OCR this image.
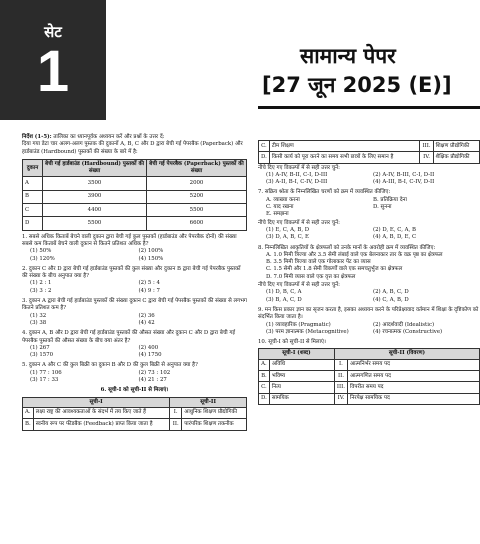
सेट
1	सामान्य पेपर
[27 जून 2025 (E)]
निर्देश (1-5): तालिका का ध्यानपूर्वक अध्ययन करें और प्रश्नों के उत्तर दें:
दिया गया डेटा चार अलग-अलग पुस्तक की दुकानों A, B, C और D द्वारा बेची गई पेपरबैक (Paperback) और हार्डबाउंड (Hardbound) पुस्तकों की संख्या के बारे में है:
दुकान	बेची गई हार्डबाउंड (Hardbound) पुस्तकों की संख्या	बेची गई पेपरबैक (Paperback) पुस्तकों की संख्या
A	3500	2000
B	3900	5200
C	4400	5500
D	5500	6600
1. सबसे अधिक किताबें बेचने वाली दुकान द्वारा बेची गई कुल पुस्तकों (हार्डबाउंड और पेपरबैक दोनों) की संख्या सबसे कम किताबें बेचने वाली दुकान से कितने प्रतिशत अधिक है?
(1) 50%	(2) 100%
(3) 120%	(4) 150%
2. दुकान C और D द्वारा बेची गई हार्डबाउंड पुस्तकों की कुल संख्या और दुकान B द्वारा बेची गई पेपरबैक पुस्तकों की संख्या के बीच अनुपात क्या है?
(1) 2 : 1	(2) 5 : 4
(3) 3 : 2	(4) 9 : 7
3. दुकान A द्वारा बेची गई हार्डबाउंड पुस्तकों की संख्या दुकान C द्वारा बेची गई पेपरबैक पुस्तकों की संख्या से लगभग कितने प्रतिशत कम है?
(1) 32	(2) 36
(3) 38	(4) 42
4. दुकान A, B और D द्वारा बेची गई हार्डबाउंड पुस्तकों की औसत संख्या और दुकान C और D द्वारा बेची गई पेपरबैक पुस्तकों की औसत संख्या के बीच क्या अंतर है?
(1) 267	(2) 400
(3) 1570	(4) 1750
5. दुकान A और C की कुल बिक्री का दुकान B और D की कुल बिक्री से अनुपात क्या है?
(1) 77 : 106	(2) 73 : 102
(3) 17 : 33	(4) 21 : 27
6. सूची-I को सूची-II से मिलाएं।
सूची-I		सूची-II	
A.	लक्ष्य राष्ट्र की आवश्यकताओं के संदर्भ में तय किए जाते हैं	I.	आधुनिक शिक्षण प्रौद्योगिकी
B.	स्वनीय रूप पर फीडबैक (Feedback) प्राप्त किया जाता है	II.	पारंपरिक शिक्षण तकनीक
C.	टीम शिक्षण	III.	शिक्षण प्रौद्योगिकी
D.	किसी कार्य को पूरा करने का समय सभी छात्रों के लिए समान है	IV.	शैक्षिक प्रौद्योगिकी
नीचे दिए गए विकल्पों में से सही उत्तर चुनें:
(1) A-IV, B-II, C-I, D-III	(2) A-IV, B-III, C-I, D-II
(3) A-II, B-I, C-IV, D-III	(4) A-III, B-I, C-IV, D-II
7. सक्रिय श्रोता के निम्नलिखित चरणों को क्रम में व्यवस्थित कीजिए:
A. व्याख्या करना	B. प्रतिक्रिया देना
C. याद रखना	D. सुनना
E. समझना
नीचे दिए गए विकल्पों में से सही उत्तर चुनें:
(1) E, C, A, B, D	(2) D, E, C, A, B
(3) D, A, B, C, E	(4) A, B, D, E, C
8. निम्नलिखित आकृतियों के क्षेत्रफलों को उनके मानों के अवरोही क्रम में व्यवस्थित कीजिए:
A. 1.0 मिमी त्रिज्या और 3.5 सेमी लंबाई वाले एक बेलनाकार तार के वक्र पृष्ठ का क्षेत्रफल
B. 3.5 मिमी त्रिज्या वाले एक गोलाकार पेंट का व्यास
C. 1.5 सेमी और 1.8 सेमी विकर्णों वाले एक समचतुर्भुज का क्षेत्रफल
D. 7.0 मिमी व्यास वाले एक वृत्त का क्षेत्रफल
नीचे दिए गए विकल्पों में से सही उत्तर चुनें:
(1) D, B, C, A	(2) A, B, C, D
(3) B, A, C, D	(4) C, A, B, D
9. मन किस प्रकार ज्ञान का सृजन करता है, इसका अध्ययन करने के परिप्रेक्ष्यवाद वर्तमान में शिक्षा के दृष्टिकोण को संदर्भित किया जाता है।
(1) व्यावहारिक (Pragmatic)	(2) आदर्शवादी (Idealistic)
(3) परम ज्ञानात्मक (Metacognitive)	(4) रचनात्मक (Constructive)
10. सूची-I को सूची-II से मिलाएं।
सूची-I (शब्द)		सूची-II (विवरण)	
A.	अविधि	I.	आत्मनिर्भर समय पद
B.	भविष्य	II.	आत्मगणित समय पद
C.	नित्य	III.	विपरीत समय पद
D.	सामयिक	IV.	निरपेक्ष सामयिक पद
